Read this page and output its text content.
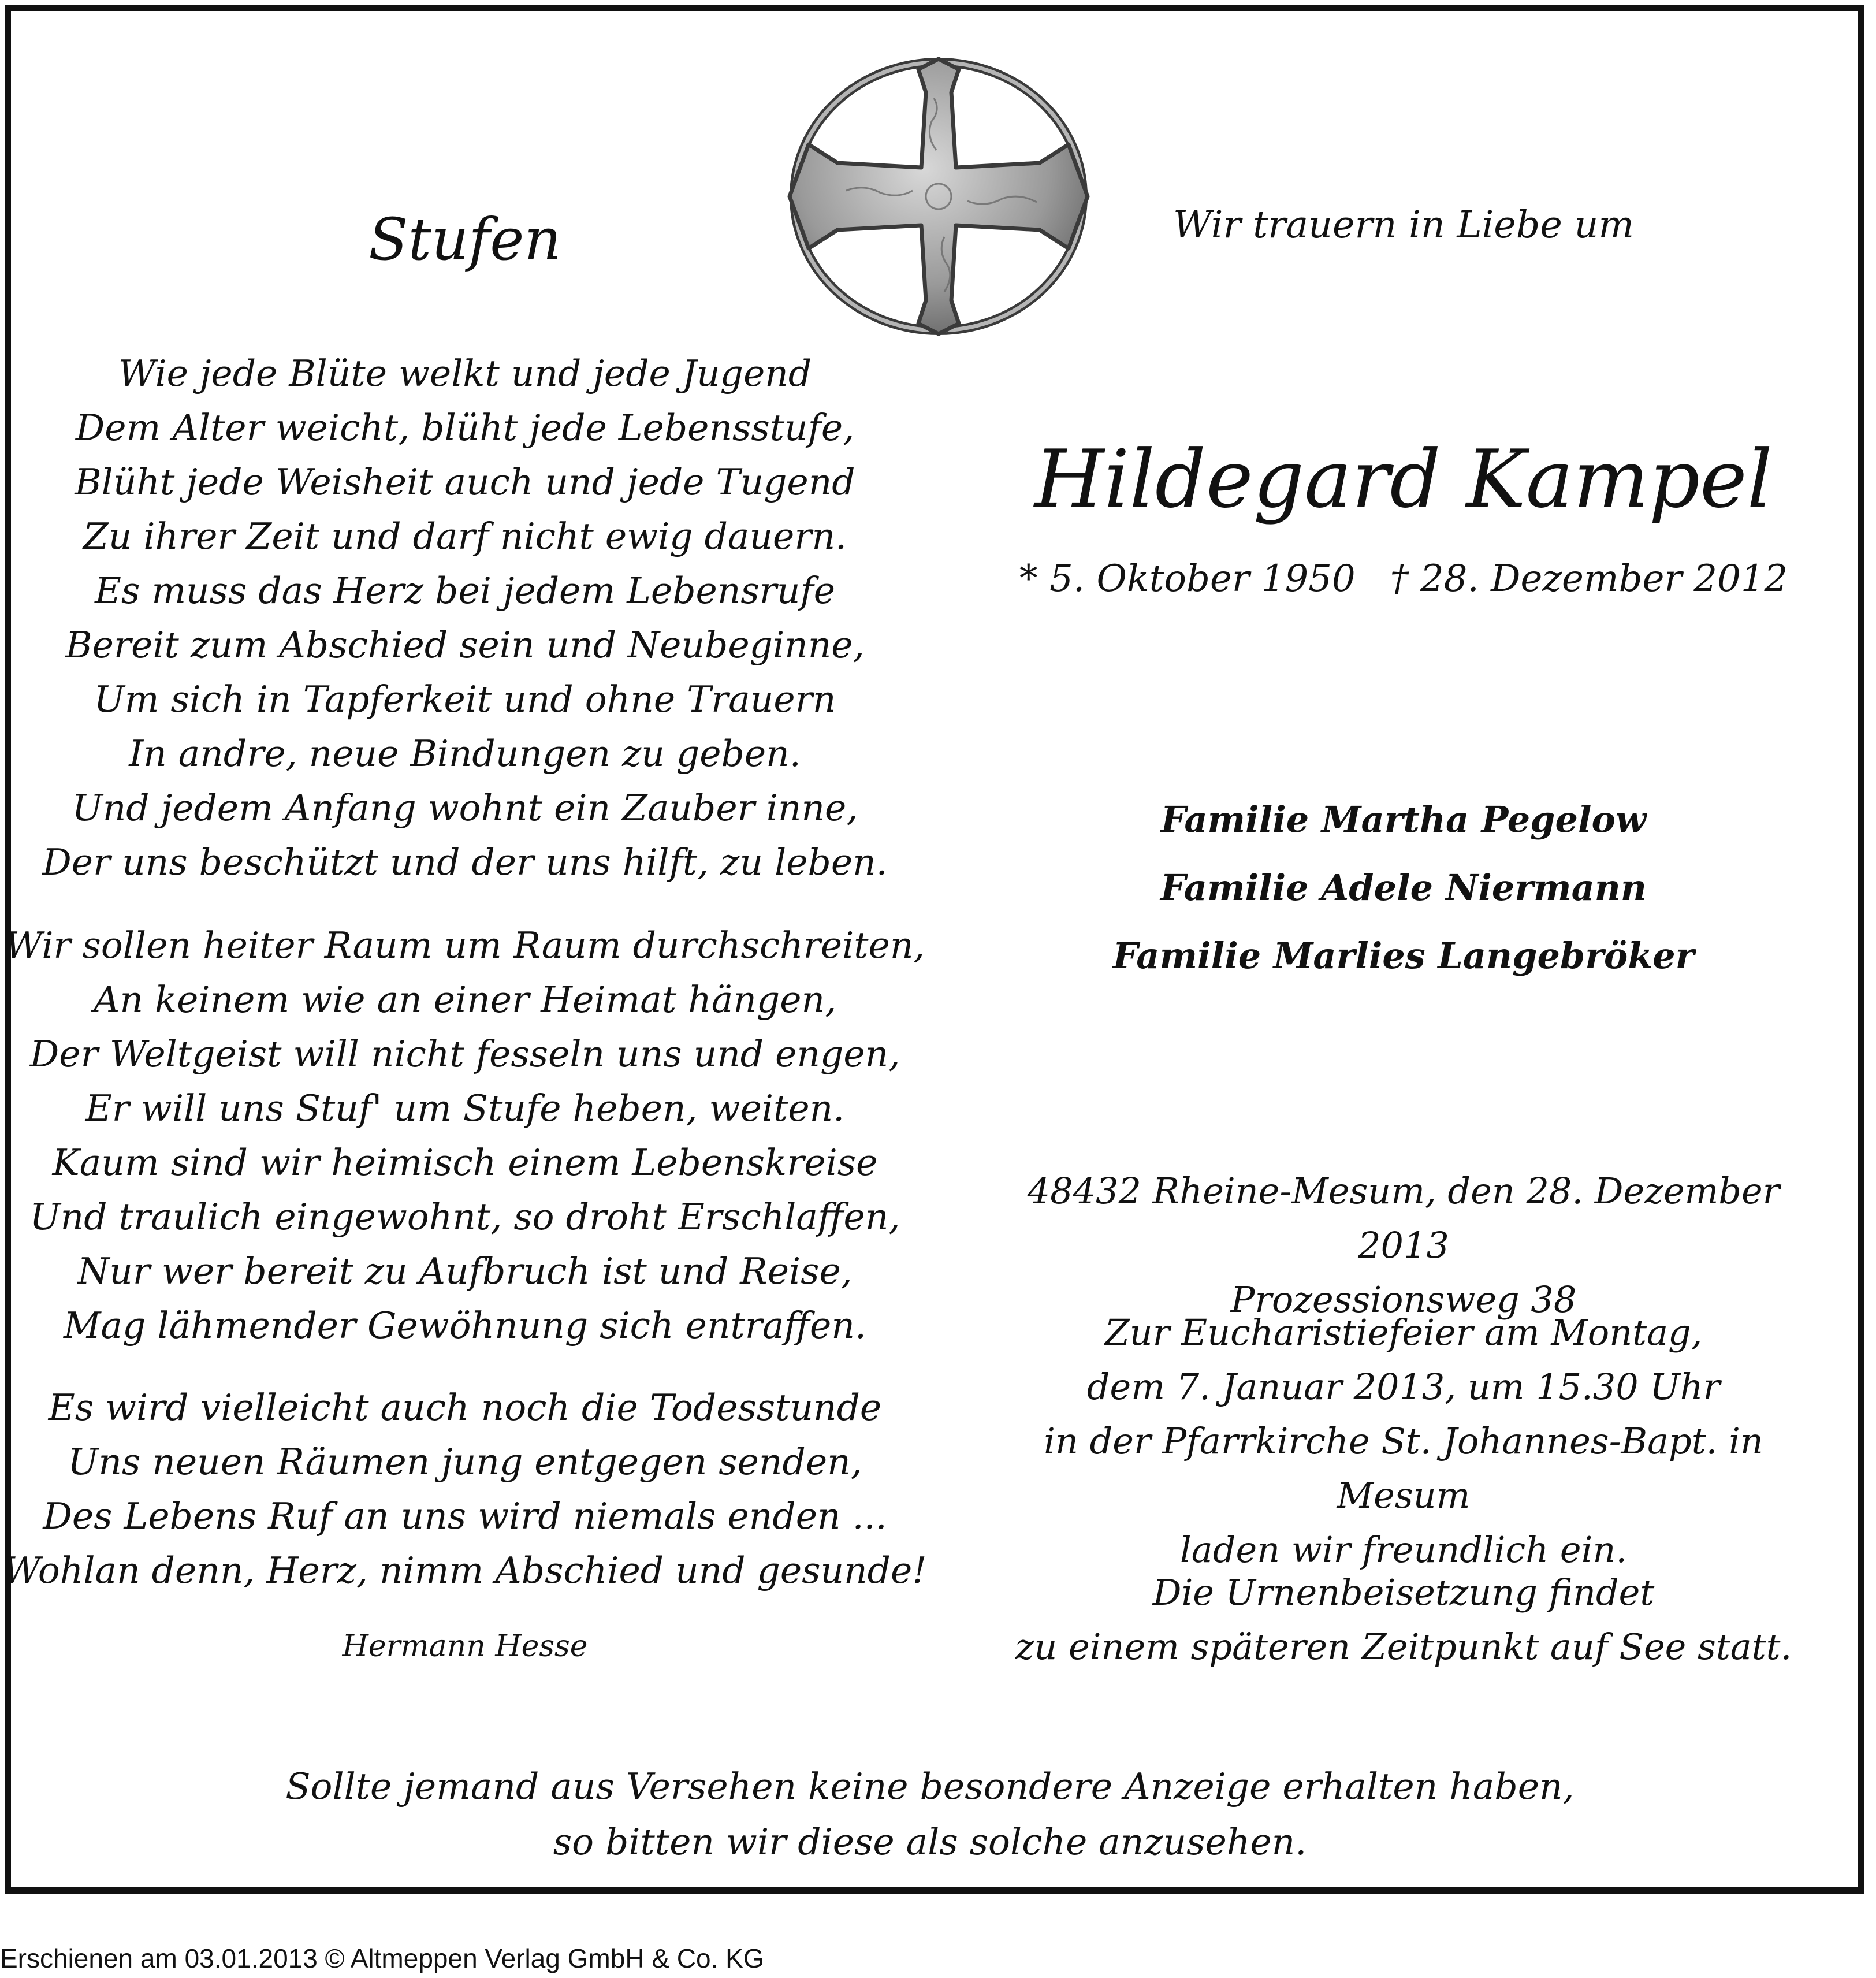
Stufen
Wie jede Blüte welkt und jede Jugend
Dem Alter weicht, blüht jede Lebensstufe,
Blüht jede Weisheit auch und jede Tugend
Zu ihrer Zeit und darf nicht ewig dauern.
Es muss das Herz bei jedem Lebensrufe
Bereit zum Abschied sein und Neubeginne,
Um sich in Tapferkeit und ohne Trauern
In andre, neue Bindungen zu geben.
Und jedem Anfang wohnt ein Zauber inne,
Der uns beschützt und der uns hilft, zu leben.
Wir sollen heiter Raum um Raum durchschreiten,
An keinem wie an einer Heimat hängen,
Der Weltgeist will nicht fesseln uns und engen,
Er will uns Stuf' um Stufe heben, weiten.
Kaum sind wir heimisch einem Lebenskreise
Und traulich eingewohnt, so droht Erschlaffen,
Nur wer bereit zu Aufbruch ist und Reise,
Mag lähmender Gewöhnung sich entraffen.
Es wird vielleicht auch noch die Todesstunde
Uns neuen Räumen jung entgegen senden,
Des Lebens Ruf an uns wird niemals enden ...
Wohlan denn, Herz, nimm Abschied und gesunde!
Hermann Hesse
Wir trauern in Liebe um
Hildegard Kampel
* 5. Oktober 1950 † 28. Dezember 2012
Familie Martha Pegelow
Familie Adele Niermann
Familie Marlies Langebröker
48432 Rheine-Mesum, den 28. Dezember 2013
Prozessionsweg 38
Zur Eucharistiefeier am Montag,
dem 7. Januar 2013, um 15.30 Uhr
in der Pfarrkirche St. Johannes-Bapt. in Mesum
laden wir freundlich ein.
Die Urnenbeisetzung findet
zu einem späteren Zeitpunkt auf See statt.
Sollte jemand aus Versehen keine besondere Anzeige erhalten haben,
so bitten wir diese als solche anzusehen.
Erschienen am 03.01.2013 © Altmeppen Verlag GmbH & Co. KG
